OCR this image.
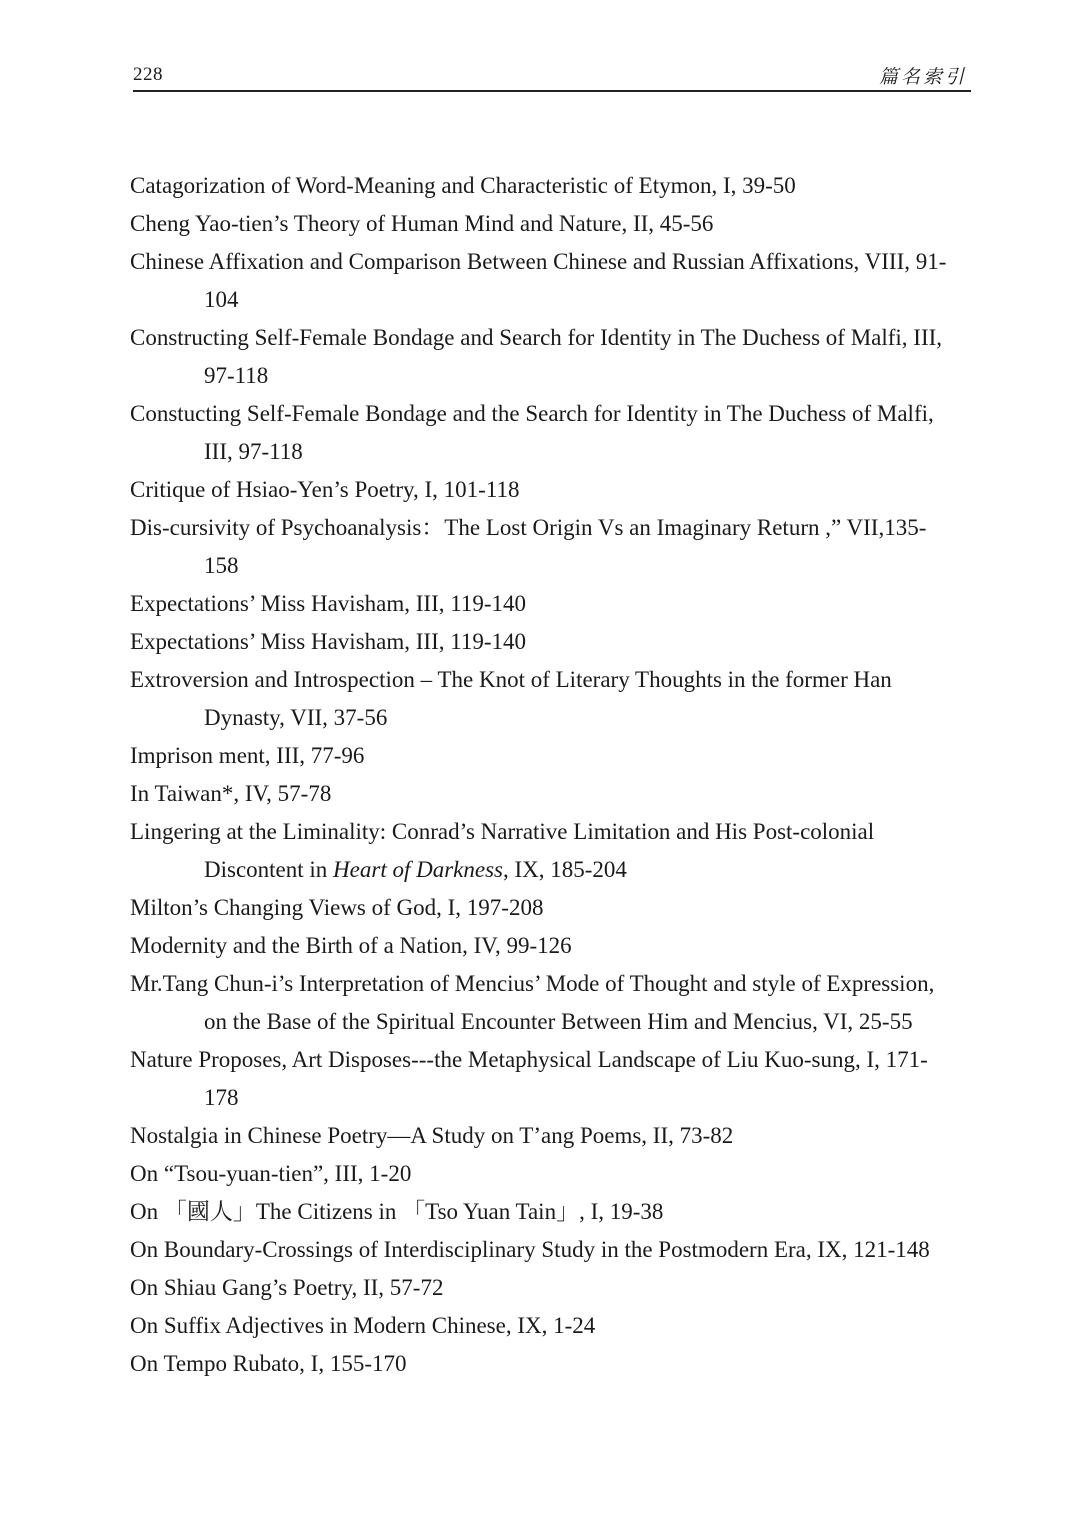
228	篇名索引
Catagorization of Word-Meaning and Characteristic of Etymon, I, 39-50
Cheng Yao-tien’s Theory of Human Mind and Nature, II, 45-56
Chinese Affixation and Comparison Between Chinese and Russian Affixations, VIII, 91-104
Constructing Self-Female Bondage and Search for Identity in The Duchess of Malfi, III, 97-118
Constucting Self-Female Bondage and the Search for Identity in The Duchess of Malfi, III, 97-118
Critique of Hsiao-Yen’s Poetry, I, 101-118
Dis-cursivity of Psychoanalysis：The Lost Origin Vs an Imaginary Return ,” VII,135-158
Expectations’ Miss Havisham, III, 119-140
Expectations’ Miss Havisham, III, 119-140
Extroversion and Introspection – The Knot of Literary Thoughts in the former Han Dynasty, VII, 37-56
Imprison ment, III, 77-96
In Taiwan*, IV, 57-78
Lingering at the Liminality: Conrad’s Narrative Limitation and His Post-colonial Discontent in Heart of Darkness, IX, 185-204
Milton’s Changing Views of God, I, 197-208
Modernity and the Birth of a Nation, IV, 99-126
Mr.Tang Chun-i’s Interpretation of Mencius’ Mode of Thought and style of Expression, on the Base of the Spiritual Encounter Between Him and Mencius, VI, 25-55
Nature Proposes, Art Disposes---the Metaphysical Landscape of Liu Kuo-sung, I, 171-178
Nostalgia in Chinese Poetry—A Study on T’ang Poems, II, 73-82
On “Tsou-yuan-tien”, III, 1-20
On 「國人」The Citizens in 「Tso Yuan Tain」, I, 19-38
On Boundary-Crossings of Interdisciplinary Study in the Postmodern Era, IX, 121-148
On Shiau Gang’s Poetry, II, 57-72
On Suffix Adjectives in Modern Chinese, IX, 1-24
On Tempo Rubato, I, 155-170
